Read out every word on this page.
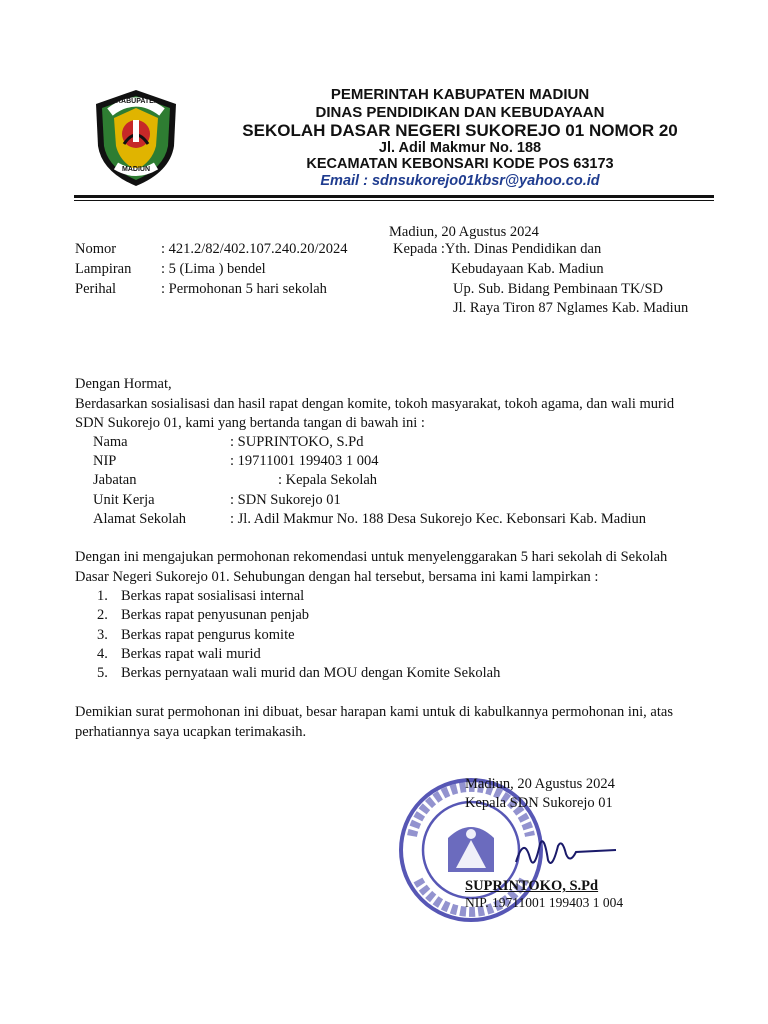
KABUPATEN
MADIUN
PEMERINTAH KABUPATEN MADIUN
DINAS PENDIDIKAN DAN KEBUDAYAAN
SEKOLAH DASAR NEGERI SUKOREJO 01 NOMOR 20
Jl. Adil Makmur No. 188
KECAMATAN KEBONSARI KODE POS 63173
Email : sdnsukorejo01kbsr@yahoo.co.id
Madiun, 20 Agustus 2024
Nomor	: 421.2/82/402.107.240.20/2024
Lampiran : 5 (Lima ) bendel
Perihal	: Permohonan 5 hari sekolah
Kepada :Yth. Dinas Pendidikan dan
Kebudayaan Kab. Madiun
Up. Sub. Bidang Pembinaan TK/SD
Jl. Raya Tiron 87 Nglames Kab. Madiun
Dengan Hormat,
Berdasarkan sosialisasi dan hasil rapat dengan komite, tokoh masyarakat, tokoh agama, dan wali murid
SDN Sukorejo 01, kami yang bertanda tangan di bawah ini :
Nama	: SUPRINTOKO, S.Pd
NIP	: 19711001 199403 1 004
Jabatan	: Kepala Sekolah
Unit Kerja	: SDN Sukorejo 01
Alamat Sekolah	: Jl. Adil Makmur No. 188 Desa Sukorejo Kec. Kebonsari Kab. Madiun
Dengan ini mengajukan permohonan rekomendasi untuk menyelenggarakan 5 hari sekolah di Sekolah
Dasar Negeri Sukorejo 01. Sehubungan dengan hal tersebut, bersama ini kami lampirkan :
1. Berkas rapat sosialisasi internal
2. Berkas rapat penyusunan penjab
3. Berkas rapat pengurus komite
4. Berkas rapat wali murid
5. Berkas pernyataan wali murid dan MOU dengan Komite Sekolah
Demikian surat permohonan ini dibuat, besar harapan kami untuk di kabulkannya permohonan ini, atas
perhatiannya saya ucapkan terimakasih.
Madiun, 20 Agustus 2024
Kepala SDN Sukorejo 01
SUPRINTOKO, S.Pd
NIP. 19711001 199403 1 004
